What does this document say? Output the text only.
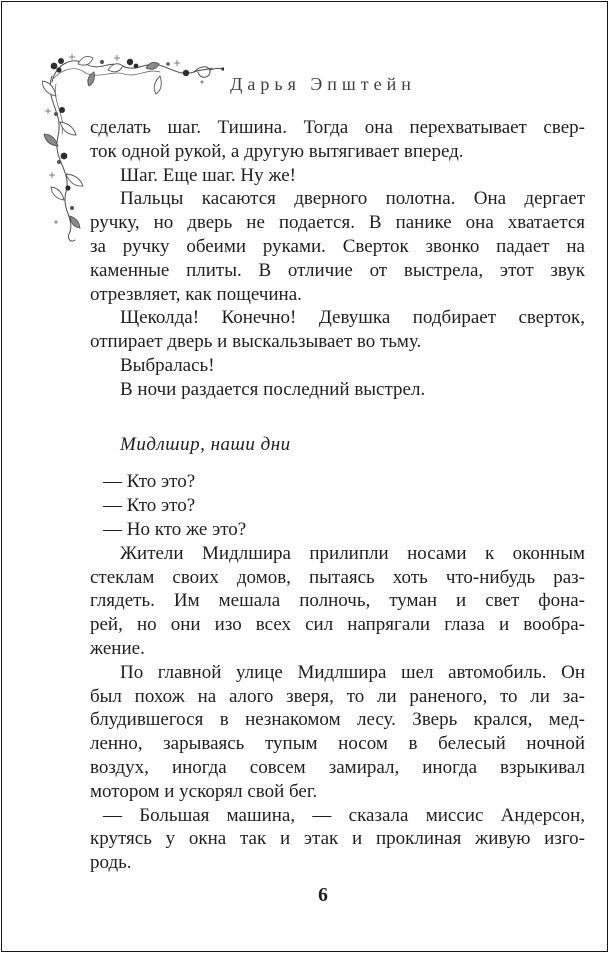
Дарья Эпштейн
сделать шаг. Тишина. Тогда она перехватывает свер-
ток одной рукой, а другую вытягивает вперед.
Шаг. Еще шаг. Ну же!
Пальцы касаются дверного полотна. Она дергает
ручку, но дверь не подается. В панике она хватается
за ручку обеими руками. Сверток звонко падает на
каменные плиты. В отличие от выстрела, этот звук
отрезвляет, как пощечина.
Щеколда! Конечно! Девушка подбирает сверток,
отпирает дверь и выскальзывает во тьму.
Выбралась!
В ночи раздается последний выстрел.
Мидлшир, наши дни
— Кто это?
— Кто это?
— Но кто же это?
Жители Мидлшира прилипли носами к оконным
стеклам своих домов, пытаясь хоть что-нибудь раз-
глядеть. Им мешала полночь, туман и свет фона-
рей, но они изо всех сил напрягали глаза и вообра-
жение.
По главной улице Мидлшира шел автомобиль. Он
был похож на алого зверя, то ли раненого, то ли за-
блудившегося в незнакомом лесу. Зверь крался, мед-
ленно, зарываясь тупым носом в белесый ночной
воздух, иногда совсем замирал, иногда взрыкивал
мотором и ускорял свой бег.
— Большая машина, — сказала миссис Андерсон,
крутясь у окна так и этак и проклиная живую изго-
родь.
6
